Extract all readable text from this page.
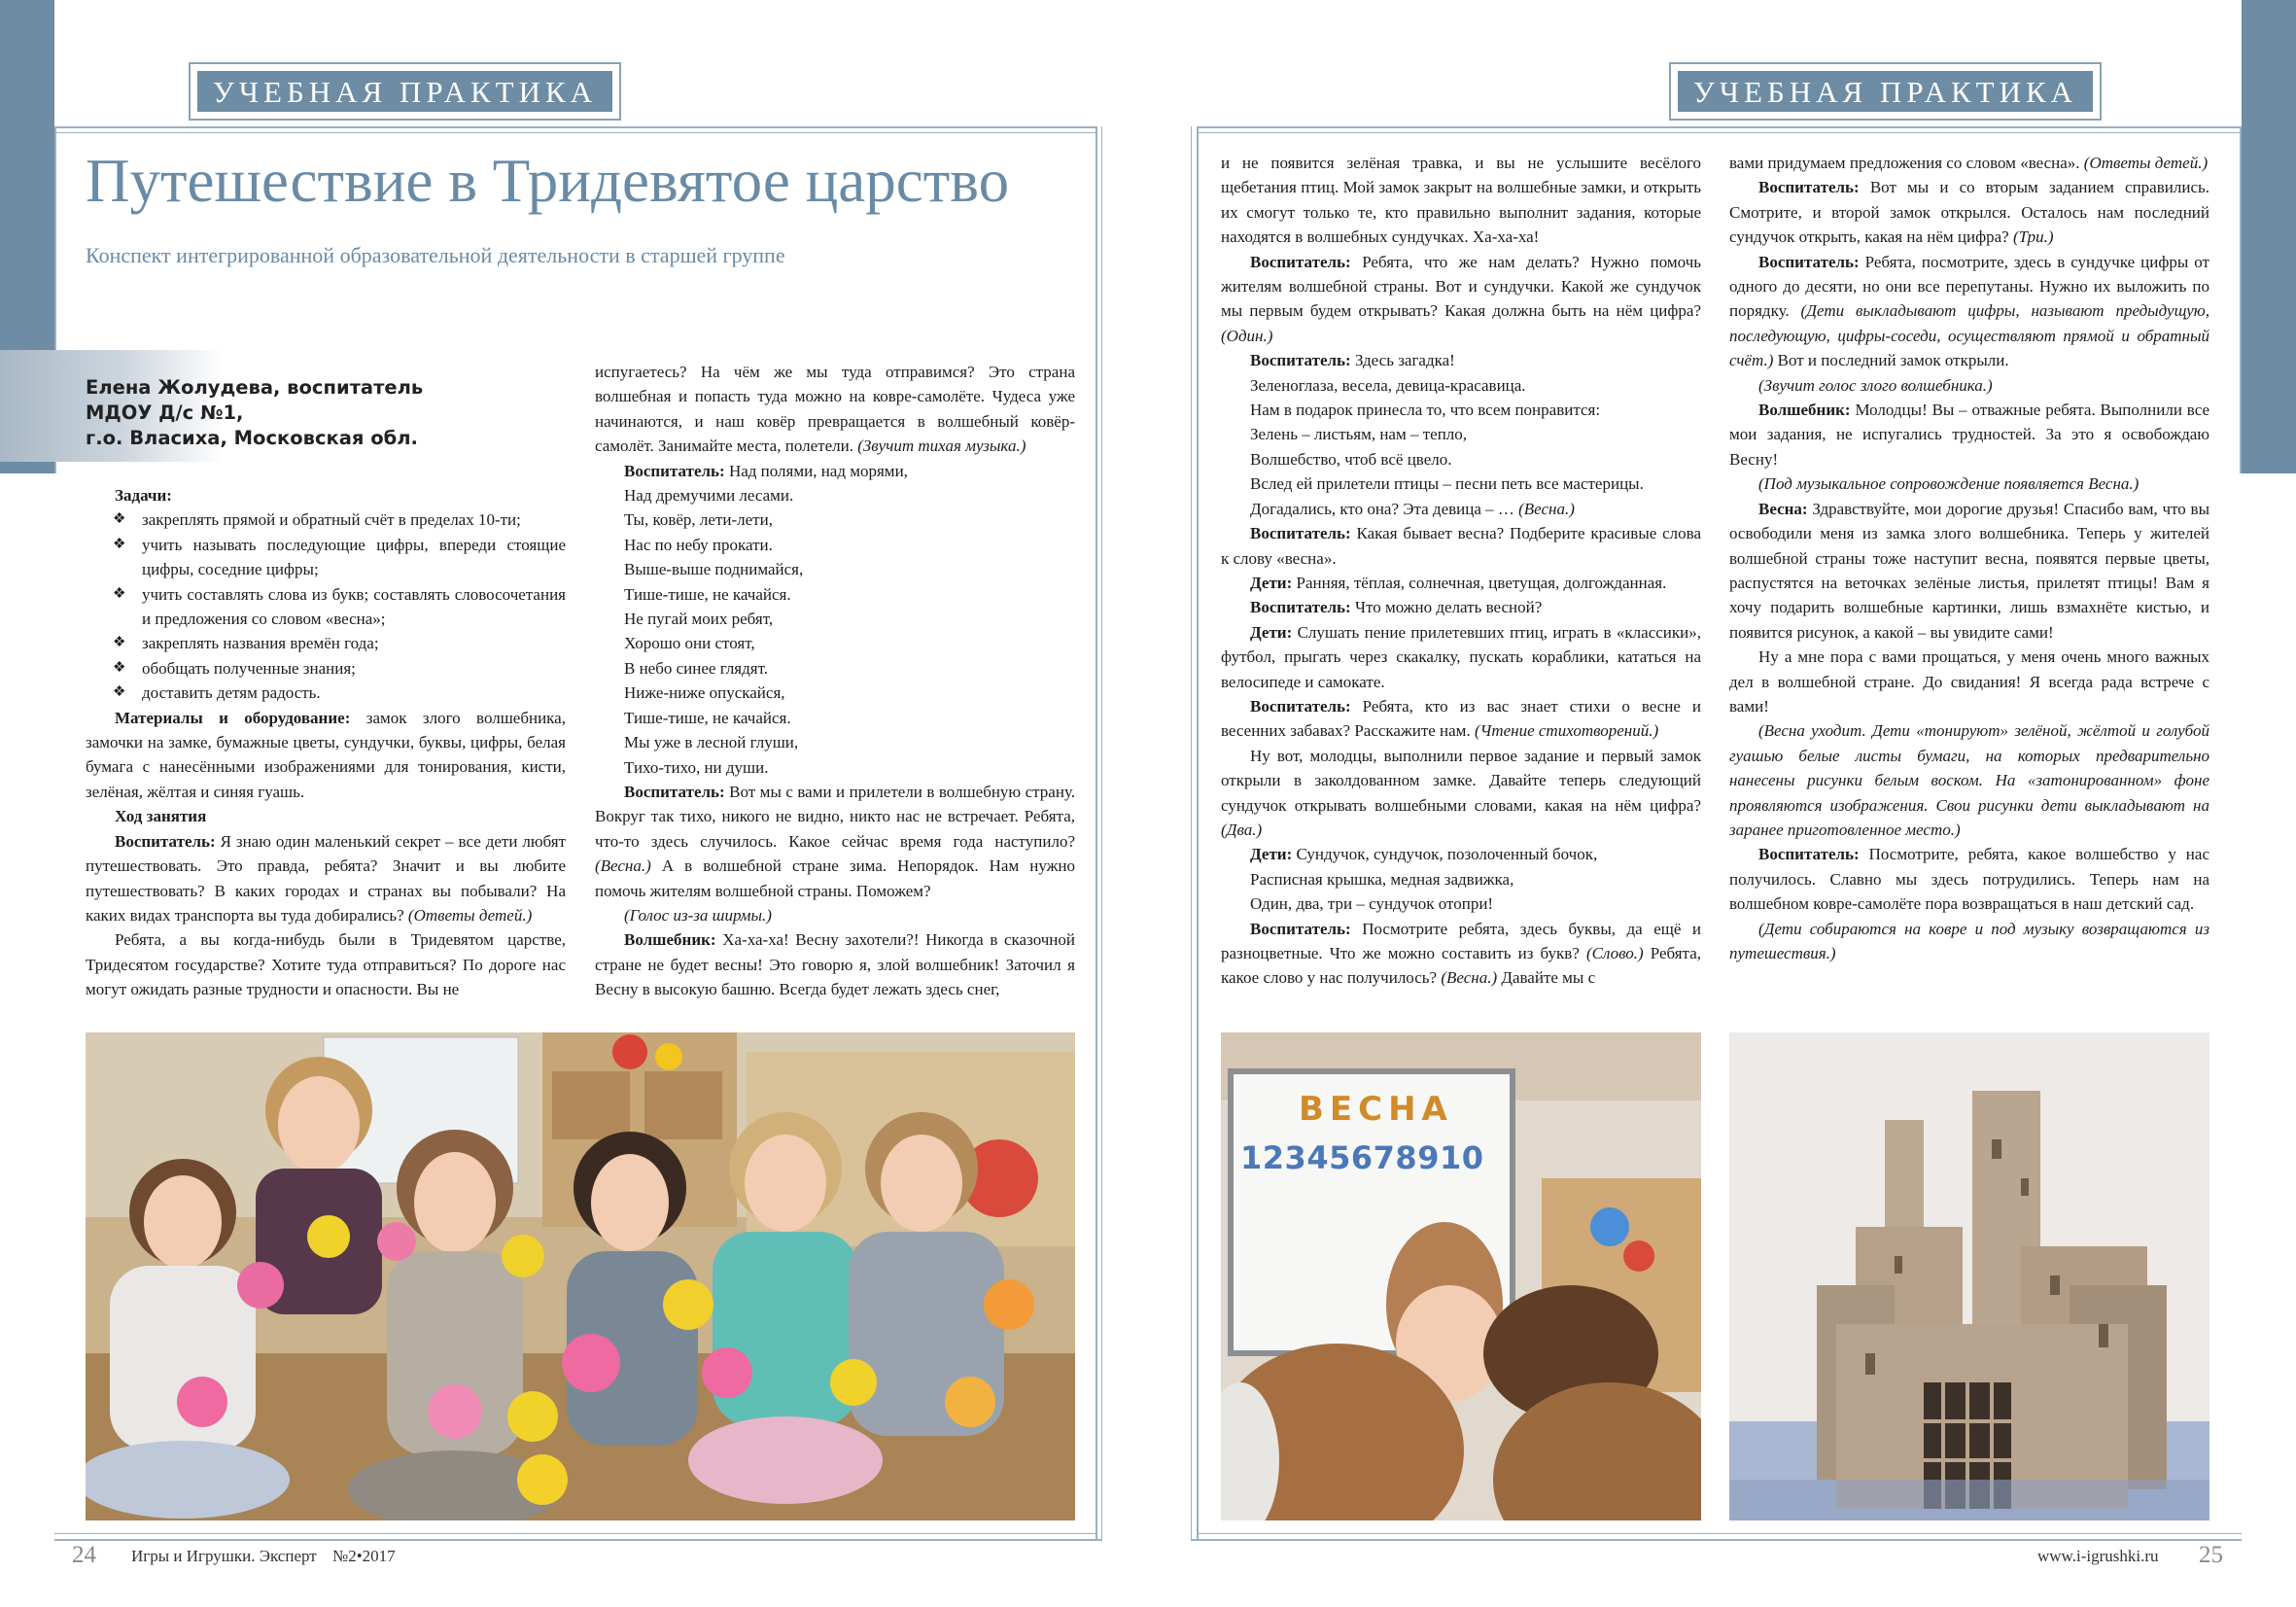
УЧЕБНАЯ ПРАКТИКА	УЧЕБНАЯ ПРАКТИКА
Путешествие в Тридевятое царство
Конспект интегрированной образовательной деятельности в старшей группе
Елена Жолудева, воспитатель
МДОУ Д/с №1,
г.о. Власиха, Московская обл.

Задачи:

❖ закреплять прямой и обратный счёт в пределах 10-ти;

❖ учить называть последующие цифры, впереди стоящие цифры, соседние цифры;

❖ учить составлять слова из букв; составлять словосочетания и предложения со словом «весна»;

❖ закреплять названия времён года;

❖ обобщать полученные знания;

❖ доставить детям радость.

Материалы и оборудование: замок злого волшебника, замочки на замке, бумажные цветы, сундучки, буквы, цифры, белая бумага с нанесёнными изображениями для тонирования, кисти, зелёная, жёлтая и синяя гуашь.

Ход занятия

Воспитатель: Я знаю один маленький секрет – все дети любят путешествовать. Это правда, ребята? Значит и вы любите путешествовать? В каких городах и странах вы побывали? На каких видах транспорта вы туда добирались? (Ответы детей.)

Ребята, а вы когда-нибудь были в Тридевятом царстве, Тридесятом государстве? Хотите туда отправиться? По дороге нас могут ожидать разные трудности и опасности. Вы не

испугаетесь? На чём же мы туда отправимся? Это страна волшебная и попасть туда можно на ковре-самолёте. Чудеса уже начинаются, и наш ковёр превращается в волшебный ковёр-самолёт. Занимайте места, полетели. (Звучит тихая музыка.)

Воспитатель: Над полями, над морями,

Над дремучими лесами.

Ты, ковёр, лети-лети,

Нас по небу прокати.

Выше-выше поднимайся,

Тише-тише, не качайся.

Не пугай моих ребят,

Хорошо они стоят,

В небо синее глядят.

Ниже-ниже опускайся,

Тише-тише, не качайся.

Мы уже в лесной глуши,

Тихо-тихо, ни души.

Воспитатель: Вот мы с вами и прилетели в волшебную страну. Вокруг так тихо, никого не видно, никто нас не встречает. Ребята, что-то здесь случилось. Какое сейчас время года наступило? (Весна.) А в волшебной стране зима. Непорядок. Нам нужно помочь жителям волшебной страны. Поможем?

(Голос из-за ширмы.)

Волшебник: Ха-ха-ха! Весну захотели?! Никогда в сказочной стране не будет весны! Это говорю я, злой волшебник! Заточил я Весну в высокую башню. Всегда будет лежать здесь снег,

и не появится зелёная травка, и вы не услышите весёлого щебетания птиц. Мой замок закрыт на волшебные замки, и открыть их смогут только те, кто правильно выполнит задания, которые находятся в волшебных сундучках. Ха-ха-ха!

Воспитатель: Ребята, что же нам делать? Нужно помочь жителям волшебной страны. Вот и сундучки. Какой же сундучок мы первым будем открывать? Какая должна быть на нём цифра? (Один.)

Воспитатель: Здесь загадка!

Зеленоглаза, весела, девица-красавица.

Нам в подарок принесла то, что всем понравится:

Зелень – листьям, нам – тепло,

Волшебство, чтоб всё цвело.

Вслед ей прилетели птицы – песни петь все мастерицы.

Догадались, кто она? Эта девица – … (Весна.)

Воспитатель: Какая бывает весна? Подберите красивые слова к слову «весна».

Дети: Ранняя, тёплая, солнечная, цветущая, долгожданная.

Воспитатель: Что можно делать весной?

Дети: Слушать пение прилетевших птиц, играть в «классики», футбол, прыгать через скакалку, пускать кораблики, кататься на велосипеде и самокате.

Воспитатель: Ребята, кто из вас знает стихи о весне и весенних забавах? Расскажите нам. (Чтение стихотворений.)

Ну вот, молодцы, выполнили первое задание и первый замок открыли в заколдованном замке. Давайте теперь следующий сундучок открывать волшебными словами, какая на нём цифра? (Два.)

Дети: Сундучок, сундучок, позолоченный бочок,

Расписная крышка, медная задвижка,

Один, два, три – сундучок отопри!

Воспитатель: Посмотрите ребята, здесь буквы, да ещё и разноцветные. Что же можно составить из букв? (Слово.) Ребята, какое слово у нас получилось? (Весна.) Давайте мы с

вами придумаем предложения со словом «весна». (Ответы детей.)

Воспитатель: Вот мы и со вторым заданием справились. Смотрите, и второй замок открылся. Осталось нам последний сундучок открыть, какая на нём цифра? (Три.)

Воспитатель: Ребята, посмотрите, здесь в сундучке цифры от одного до десяти, но они все перепутаны. Нужно их выложить по порядку. (Дети выкладывают цифры, называют предыдущую, последующую, цифры-соседи, осуществляют прямой и обратный счёт.) Вот и последний замок открыли.

(Звучит голос злого волшебника.)

Волшебник: Молодцы! Вы – отважные ребята. Выполнили все мои задания, не испугались трудностей. За это я освобождаю Весну!

(Под музыкальное сопровождение появляется Весна.)

Весна: Здравствуйте, мои дорогие друзья! Спасибо вам, что вы освободили меня из замка злого волшебника. Теперь у жителей волшебной страны тоже наступит весна, появятся первые цветы, распустятся на веточках зелёные листья, прилетят птицы! Вам я хочу подарить волшебные картинки, лишь взмахнёте кистью, и появится рисунок, а какой – вы увидите сами!

Ну а мне пора с вами прощаться, у меня очень много важных дел в волшебной стране. До свидания! Я всегда рада встрече с вами!

(Весна уходит. Дети «тонируют» зелёной, жёлтой и голубой гуашью белые листы бумаги, на которых предварительно нанесены рисунки белым воском. На «затонированном» фоне проявляются изображения. Свои рисунки дети выкладывают на заранее приготовленное место.)

Воспитатель: Посмотрите, ребята, какое волшебство у нас получилось. Славно мы здесь потрудились. Теперь нам на волшебном ковре-самолёте пора возвращаться в наш детский сад.

(Дети собираются на ковре и под музыку возвращаются из путешествия.)

ВЕСНА
12345678910
24 Игры и Игрушки. Эксперт №2•2017	www.i-igrushki.ru 25
